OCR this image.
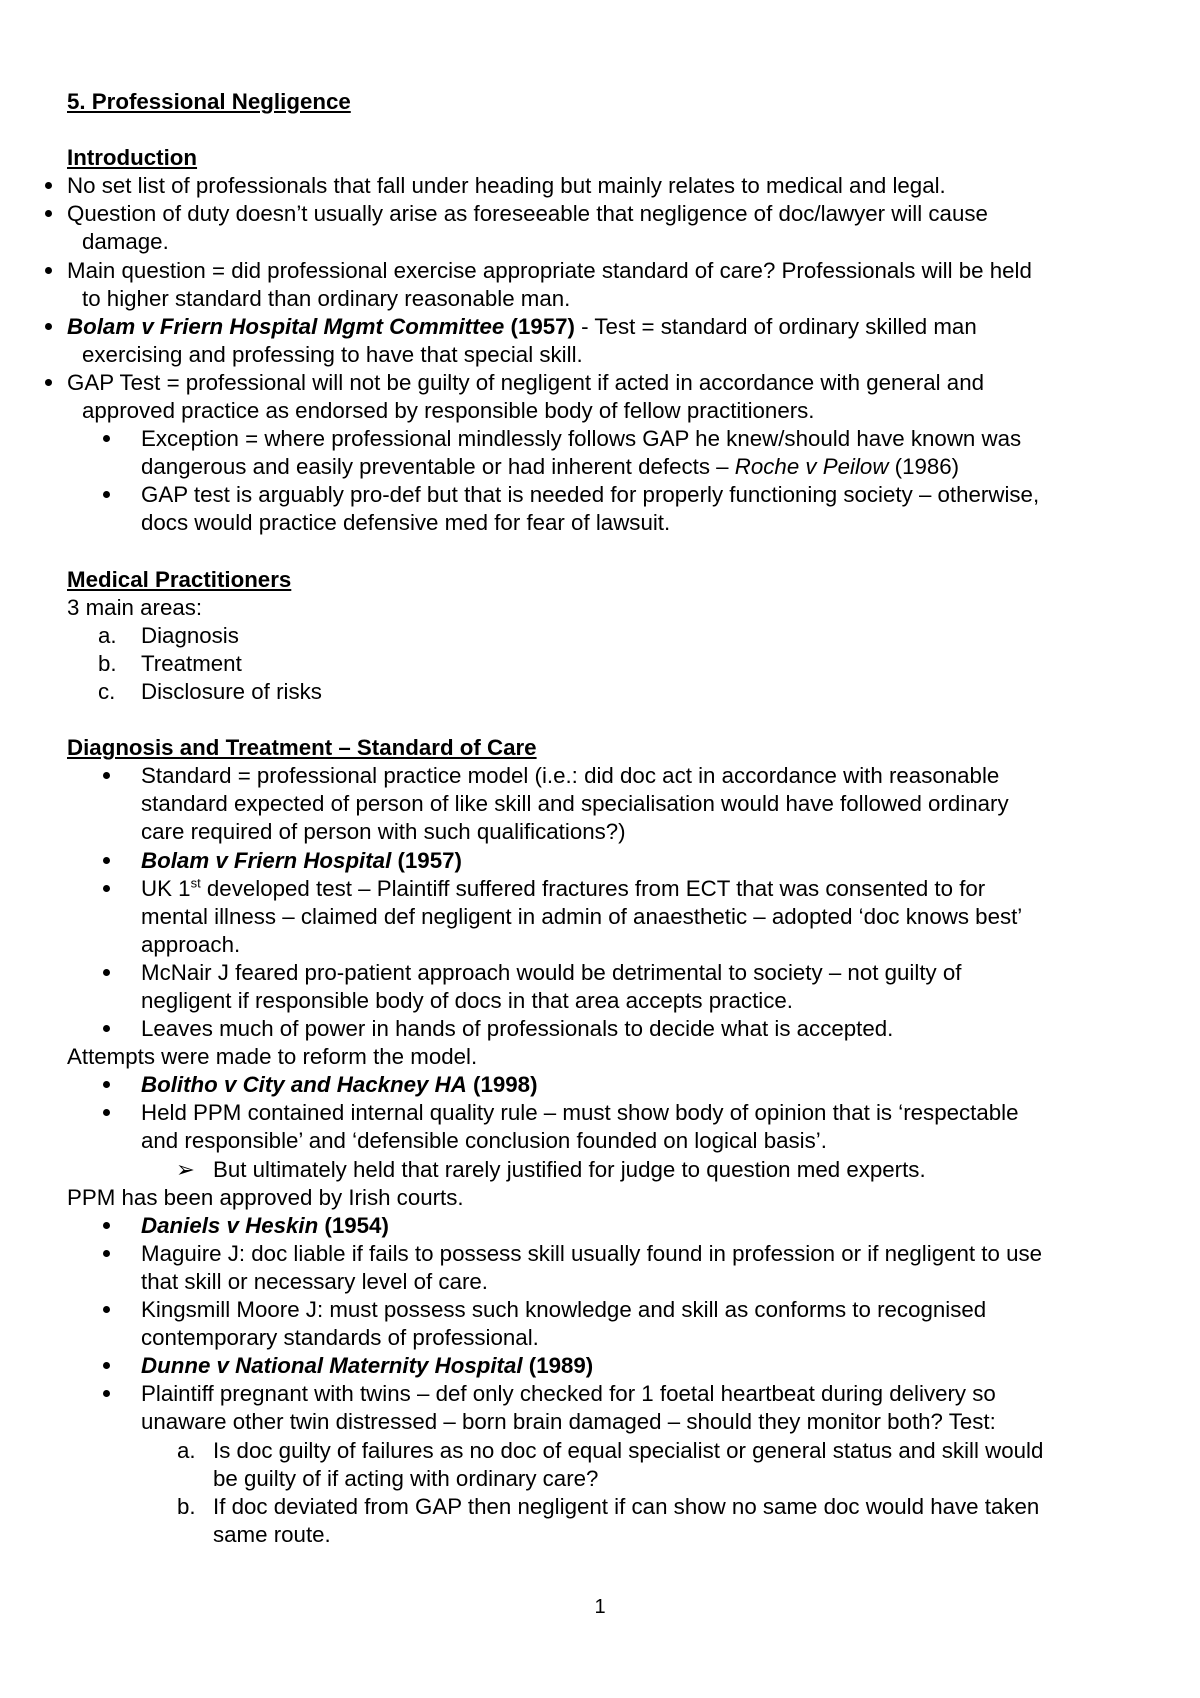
5. Professional Negligence
Introduction
No set list of professionals that fall under heading but mainly relates to medical and legal.
Question of duty doesn’t usually arise as foreseeable that negligence of doc/lawyer will cause
damage.
Main question = did professional exercise appropriate standard of care? Professionals will be held
to higher standard than ordinary reasonable man.
Bolam v Friern Hospital Mgmt Committee (1957) - Test = standard of ordinary skilled man
exercising and professing to have that special skill.
GAP Test = professional will not be guilty of negligent if acted in accordance with general and
approved practice as endorsed by responsible body of fellow practitioners.
Exception = where professional mindlessly follows GAP he knew/should have known was
dangerous and easily preventable or had inherent defects – Roche v Peilow (1986)
GAP test is arguably pro-def but that is needed for properly functioning society – otherwise,
docs would practice defensive med for fear of lawsuit.
Medical Practitioners
3 main areas:
a. Diagnosis
b. Treatment
c. Disclosure of risks
Diagnosis and Treatment – Standard of Care
Standard = professional practice model (i.e.: did doc act in accordance with reasonable
standard expected of person of like skill and specialisation would have followed ordinary
care required of person with such qualifications?)
Bolam v Friern Hospital (1957)
UK 1st developed test – Plaintiff suffered fractures from ECT that was consented to for
mental illness – claimed def negligent in admin of anaesthetic – adopted ‘doc knows best’
approach.
McNair J feared pro-patient approach would be detrimental to society – not guilty of
negligent if responsible body of docs in that area accepts practice.
Leaves much of power in hands of professionals to decide what is accepted.
Attempts were made to reform the model.
Bolitho v City and Hackney HA (1998)
Held PPM contained internal quality rule – must show body of opinion that is ‘respectable
and responsible’ and ‘defensible conclusion founded on logical basis’.
➢ But ultimately held that rarely justified for judge to question med experts.
PPM has been approved by Irish courts.
Daniels v Heskin (1954)
Maguire J: doc liable if fails to possess skill usually found in profession or if negligent to use
that skill or necessary level of care.
Kingsmill Moore J: must possess such knowledge and skill as conforms to recognised
contemporary standards of professional.
Dunne v National Maternity Hospital (1989)
Plaintiff pregnant with twins – def only checked for 1 foetal heartbeat during delivery so
unaware other twin distressed – born brain damaged – should they monitor both? Test:
a. Is doc guilty of failures as no doc of equal specialist or general status and skill would
be guilty of if acting with ordinary care?
b. If doc deviated from GAP then negligent if can show no same doc would have taken
same route.
1
